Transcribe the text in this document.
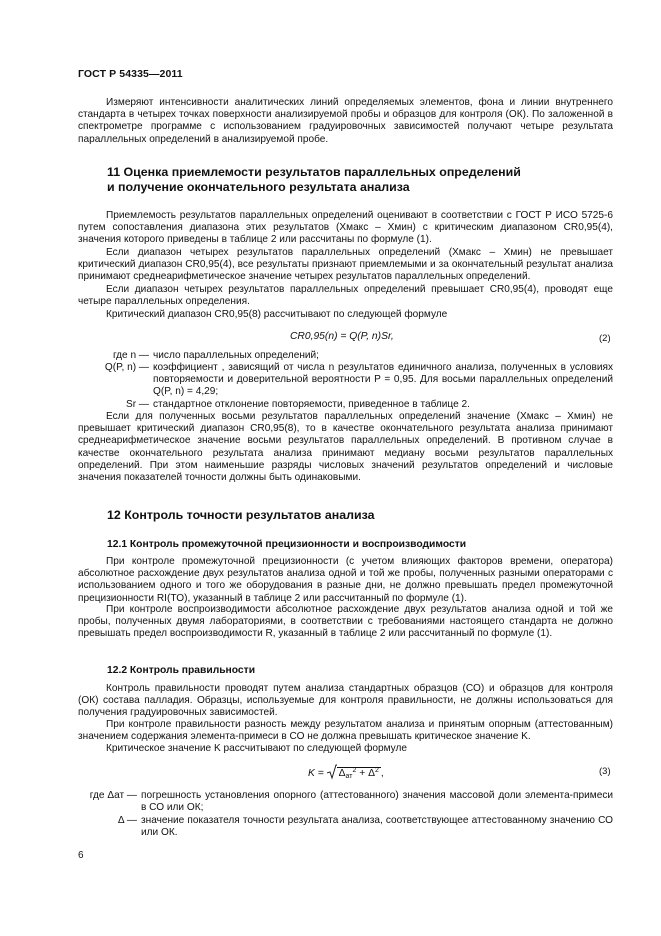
ГОСТ Р 54335—2011
Измеряют интенсивности аналитических линий определяемых элементов, фона и линии внутреннего стандарта в четырех точках поверхности анализируемой пробы и образцов для контроля (ОК). По заложенной в спектрометре программе с использованием градуировочных зависимостей получают четыре результата параллельных определений в анализируемой пробе.
11 Оценка приемлемости результатов параллельных определений
и получение окончательного результата анализа
Приемлемость результатов параллельных определений оценивают в соответствии с ГОСТ Р ИСО 5725-6 путем сопоставления диапазона этих результатов (Xмакс – Xмин) с критическим диапазоном CR0,95(4), значения которого приведены в таблице 2 или рассчитаны по формуле (1).
Если диапазон четырех результатов параллельных определений (Xмакс – Xмин) не превышает критический диапазон CR0,95(4), все результаты признают приемлемыми и за окончательный результат анализа принимают среднеарифметическое значение четырех результатов параллельных определений.
Если диапазон четырех результатов параллельных определений превышает CR0,95(4), проводят еще четыре параллельных определения.
Критический диапазон CR0,95(8) рассчитывают по следующей формуле
CR0,95(n) = Q(P, n)Sr,	(2)
где n — число параллельных определений;
Q(P, n) — коэффициент , зависящий от числа n результатов единичного анализа, полученных в условиях повторяемости и доверительной вероятности P = 0,95. Для восьми параллельных определений Q(P, n) = 4,29;
Sr — стандартное отклонение повторяемости, приведенное в таблице 2.
Если для полученных восьми результатов параллельных определений значение (Xмакс – Xмин) не превышает критический диапазон CR0,95(8), то в качестве окончательного результата анализа принимают среднеарифметическое значение восьми результатов параллельных определений. В противном случае в качестве окончательного результата анализа принимают медиану восьми результатов параллельных определений. При этом наименьшие разряды числовых значений результатов определений и числовые значения показателей точности должны быть одинаковыми.
12 Контроль точности результатов анализа
12.1 Контроль промежуточной прецизионности и воспроизводимости
При контроле промежуточной прецизионности (с учетом влияющих факторов времени, оператора) абсолютное расхождение двух результатов анализа одной и той же пробы, полученных разными операторами с использованием одного и того же оборудования в разные дни, не должно превышать предел промежуточной прецизионности RI(TO), указанный в таблице 2 или рассчитанный по формуле (1).
При контроле воспроизводимости абсолютное расхождение двух результатов анализа одной и той же пробы, полученных двумя лабораториями, в соответствии с требованиями настоящего стандарта не должно превышать предел воспроизводимости R, указанный в таблице 2 или рассчитанный по формуле (1).
12.2 Контроль правильности
Контроль правильности проводят путем анализа стандартных образцов (СО) и образцов для контроля (ОК) состава палладия. Образцы, используемые для контроля правильности, не должны использоваться для получения градуировочных зависимостей.
При контроле правильности разность между результатом анализа и принятым опорным (аттестованным) значением содержания элемента-примеси в СО не должна превышать критическое значение K.
Критическое значение K рассчитывают по следующей формуле
$K = \Delta_{ат}^2 + \Delta^2$ ,	(3)
где Δат — погрешность установления опорного (аттестованного) значения массовой доли элемента-примеси в СО или ОК;
Δ — значение показателя точности результата анализа, соответствующее аттестованному значению СО или ОК.
6
